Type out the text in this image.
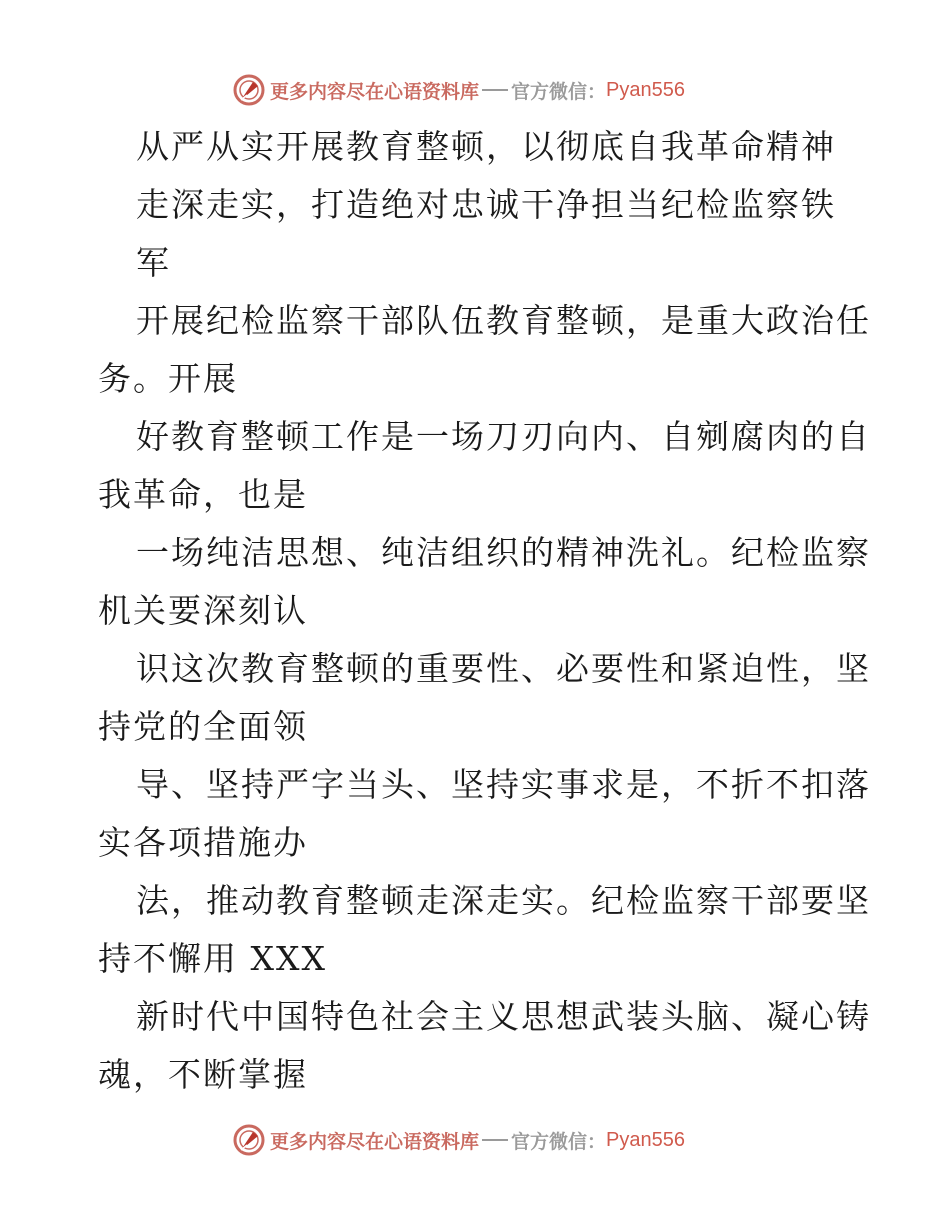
更多内容尽在心语资料库 官方微信： Pyan556
从严从实开展教育整顿，以彻底自我革命精神
走深走实，打造绝对忠诚干净担当纪检监察铁
军
开展纪检监察干部队伍教育整顿，是重大政治任
务。开展
好教育整顿工作是一场刀刃向内、自剜腐肉的自
我革命，也是
一场纯洁思想、纯洁组织的精神洗礼。纪检监察
机关要深刻认
识这次教育整顿的重要性、必要性和紧迫性，坚
持党的全面领
导、坚持严字当头、坚持实事求是，不折不扣落
实各项措施办
法，推动教育整顿走深走实。纪检监察干部要坚
持不懈用 XXX
新时代中国特色社会主义思想武装头脑、凝心铸
魂，不断掌握
更多内容尽在心语资料库 官方微信： Pyan556
